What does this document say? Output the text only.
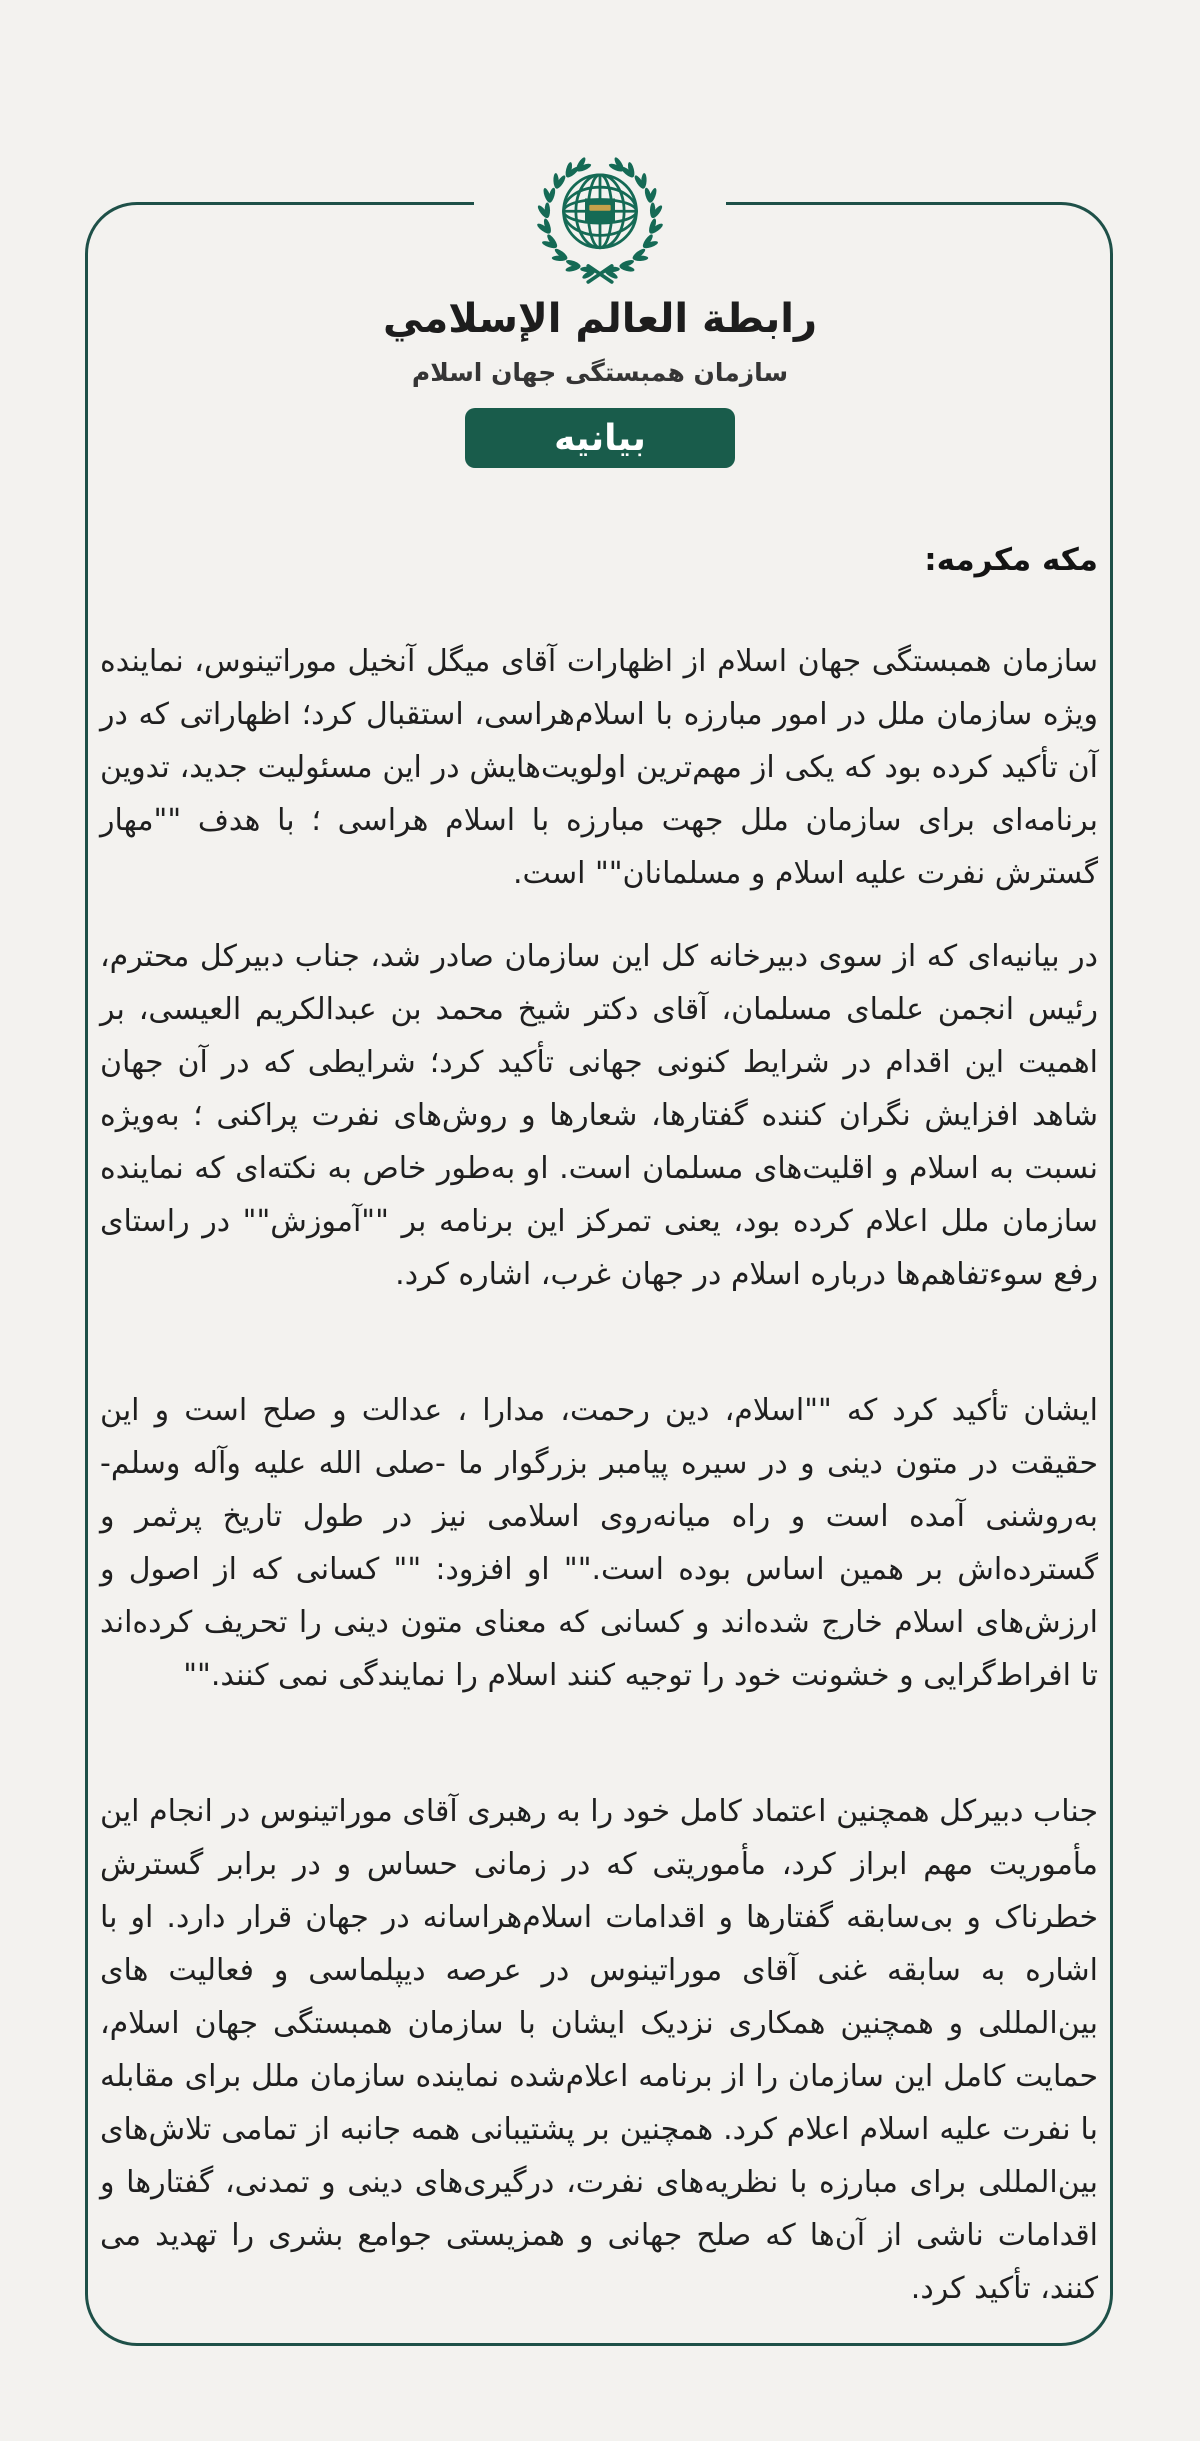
رابطة العالم الإسلامي
سازمان همبستگی جهان اسلام
بیانیه
مکه مکرمه:

سازمان همبستگی جهان اسلام از اظهارات آقای میگل آنخیل موراتینوس، نماینده ویژه سازمان ملل در امور مبارزه با اسلام‌هراسی، استقبال کرد؛ اظهاراتی که در آن تأکید کرده بود که یکی از مهم‌ترین اولویت‌هایش در این مسئولیت جدید، تدوین برنامه‌ای برای سازمان ملل جهت مبارزه با اسلام هراسی ؛ با هدف ""مهار گسترش نفرت علیه اسلام و مسلمانان"" است.

در بیانیه‌ای که از سوی دبیرخانه کل این سازمان صادر شد، جناب دبیرکل محترم، رئیس انجمن علمای مسلمان، آقای دکتر شیخ محمد بن عبدالکریم العیسی، بر اهمیت این اقدام در شرایط کنونی جهانی تأکید کرد؛ شرایطی که در آن جهان شاهد افزایش نگران کننده گفتارها، شعارها و روش‌های نفرت پراکنی ؛ به‌ویژه نسبت به اسلام و اقلیت‌های مسلمان است. او به‌طور خاص به نکته‌ای که نماینده سازمان ملل اعلام کرده بود، یعنی تمرکز این برنامه بر ""آموزش"" در راستای رفع سوءتفاهم‌ها درباره اسلام در جهان غرب، اشاره کرد.

ایشان تأکید کرد که ""اسلام، دین رحمت، مدارا ، عدالت و صلح است و این حقیقت در متون دینی و در سیره پیامبر بزرگوار ما -صلی الله علیه وآله وسلم- به‌روشنی آمده است و راه میانه‌روی اسلامی نیز در طول تاریخ پرثمر و گسترده‌اش بر همین اساس بوده است."" او افزود: "" کسانی که از اصول و ارزش‌های اسلام خارج شده‌اند و کسانی که معنای متون دینی را تحریف کرده‌اند تا افراط‌گرایی و خشونت خود را توجیه کنند اسلام را نمایندگی نمی کنند.""

جناب دبیرکل همچنین اعتماد کامل خود را به رهبری آقای موراتینوس در انجام این مأموریت مهم ابراز کرد، مأموریتی که در زمانی حساس و در برابر گسترش خطرناک و بی‌سابقه گفتارها و اقدامات اسلام‌هراسانه در جهان قرار دارد. او با اشاره به سابقه غنی آقای موراتینوس در عرصه دیپلماسی و فعالیت های بین‌المللی و همچنین همکاری نزدیک ایشان با سازمان همبستگی جهان اسلام، حمایت کامل این سازمان را از برنامه اعلام‌شده نماینده سازمان ملل برای مقابله با نفرت علیه اسلام اعلام کرد. همچنین بر پشتیبانی همه جانبه از تمامی تلاش‌های بین‌المللی برای مبارزه با نظریه‌های نفرت، درگیری‌های دینی و تمدنی، گفتارها و اقدامات ناشی از آن‌ها که صلح جهانی و همزیستی جوامع بشری را تهدید می کنند، تأکید کرد.
